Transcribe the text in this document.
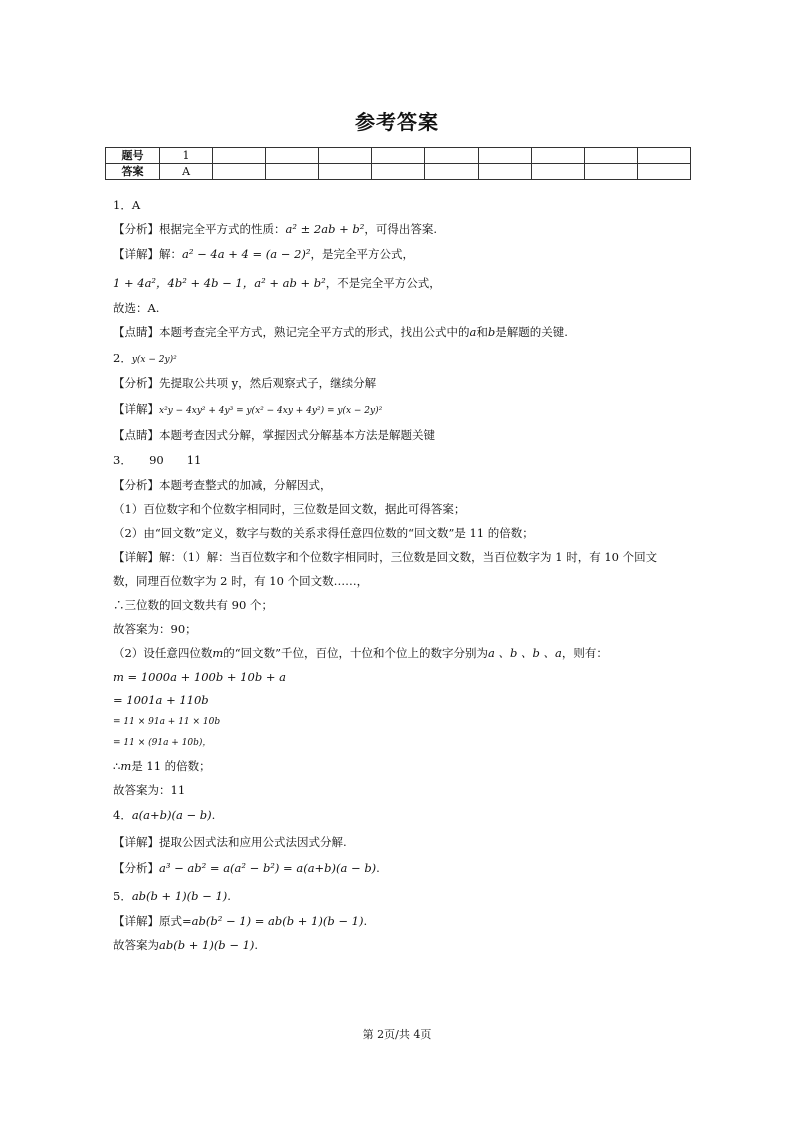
参考答案
题号	1									
答案	A									
1．A
【分析】根据完全平方式的性质：a² ± 2ab + b²，可得出答案.
【详解】解：a² − 4a + 4 = (a − 2)²，是完全平方公式，
1 + 4a²，4b² + 4b − 1，a² + ab + b²，不是完全平方公式，
故选：A.
【点睛】本题考查完全平方式，熟记完全平方式的形式，找出公式中的a和b是解题的关键.
2．y(x − 2y)²
【分析】先提取公共项 y，然后观察式子，继续分解
【详解】x²y − 4xy² + 4y³ = y(x² − 4xy + 4y²) = y(x − 2y)²
【点睛】本题考查因式分解，掌握因式分解基本方法是解题关键
3．　　90　　11
【分析】本题考查整式的加减，分解因式，
（1）百位数字和个位数字相同时，三位数是回文数，据此可得答案；
（2）由“回文数”定义，数字与数的关系求得任意四位数的“回文数”是 11 的倍数；
【详解】解：（1）解：当百位数字和个位数字相同时，三位数是回文数，当百位数字为 1 时，有 10 个回文
数，同理百位数字为 2 时，有 10 个回文数……，
∴三位数的回文数共有 90 个；
故答案为：90；
（2）设任意四位数m的“回文数”千位，百位，十位和个位上的数字分别为a 、b 、b 、a，则有：
m = 1000a + 100b + 10b + a
= 1001a + 110b
= 11 × 91a + 11 × 10b
= 11 × (91a + 10b)，
∴m是 11 的倍数；
故答案为：11
4．a(a+b)(a − b).
【详解】提取公因式法和应用公式法因式分解.
【分析】a³ − ab² = a(a² − b²) = a(a+b)(a − b).
5．ab(b + 1)(b − 1).
【详解】原式=ab(b² − 1) = ab(b + 1)(b − 1).
故答案为ab(b + 1)(b − 1).
第 2页/共 4页
